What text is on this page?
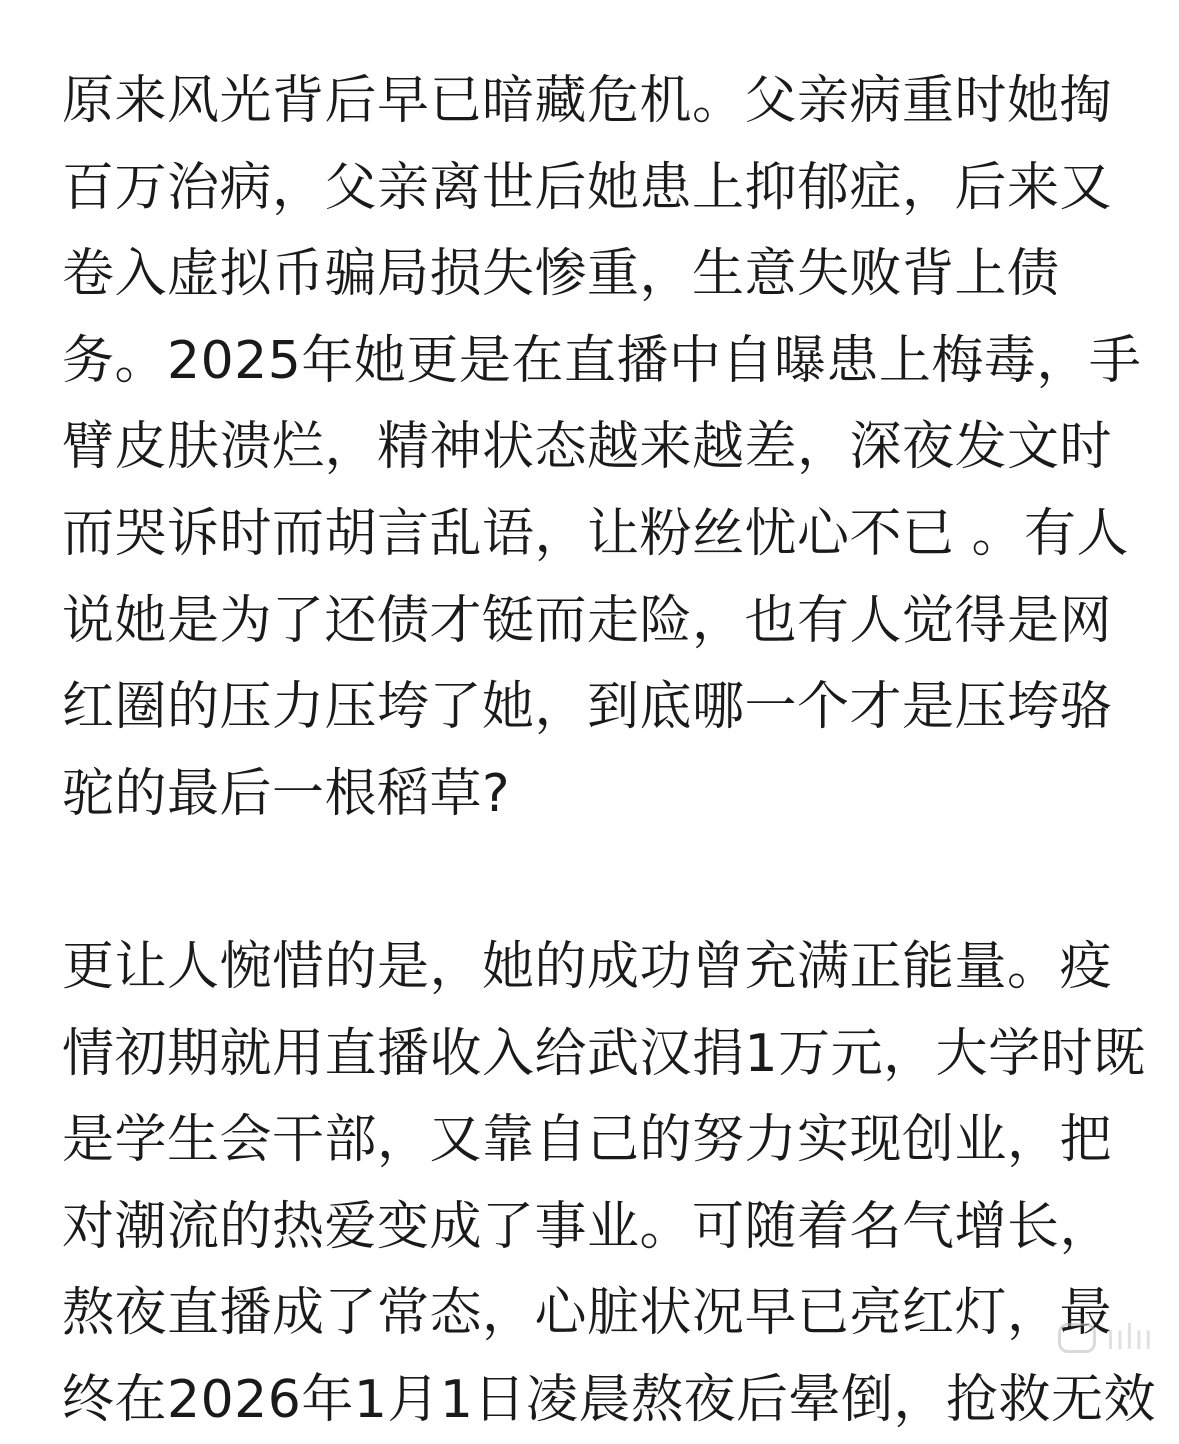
原来风光背后早已暗藏危机。父亲病重时她掏
百万治病，父亲离世后她患上抑郁症，后来又
卷入虚拟币骗局损失惨重，生意失败背上债
务。2025年她更是在直播中自曝患上梅毒，手
臂皮肤溃烂，精神状态越来越差，深夜发文时
而哭诉时而胡言乱语，让粉丝忧心不已 。有人
说她是为了还债才铤而走险，也有人觉得是网
红圈的压力压垮了她，到底哪一个才是压垮骆
驼的最后一根稻草?
更让人惋惜的是，她的成功曾充满正能量。疫
情初期就用直播收入给武汉捐1万元，大学时既
是学生会干部，又靠自己的努力实现创业，把
对潮流的热爱变成了事业。可随着名气增长，
熬夜直播成了常态，心脏状况早已亮红灯，最
终在2026年1月1日凌晨熬夜后晕倒，抢救无效
ıılıı
